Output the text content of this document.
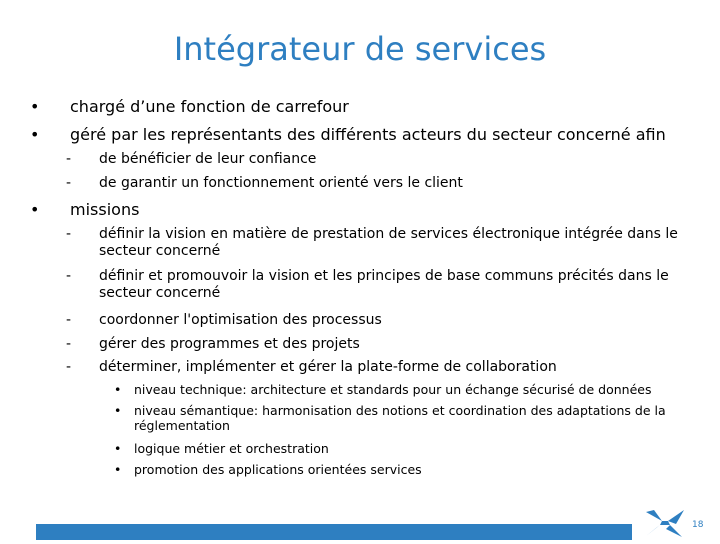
Intégrateur de services
• chargé d’une fonction de carrefour
• géré par les représentants des différents acteurs du secteur concerné afin
- de bénéficier de leur confiance
- de garantir un fonctionnement orienté vers le client
• missions
- définir la vision en matière de prestation de services électronique intégrée dans le secteur concerné
- définir et promouvoir la vision et les principes de base communs précités dans le secteur concerné
- coordonner l'optimisation des processus
- gérer des programmes et des projets
- déterminer, implémenter et gérer la plate-forme de collaboration
• niveau technique: architecture et standards pour un échange sécurisé de données
• niveau sémantique: harmonisation des notions et coordination des adaptations de la réglementation
• logique métier et orchestration
• promotion des applications orientées services
18
